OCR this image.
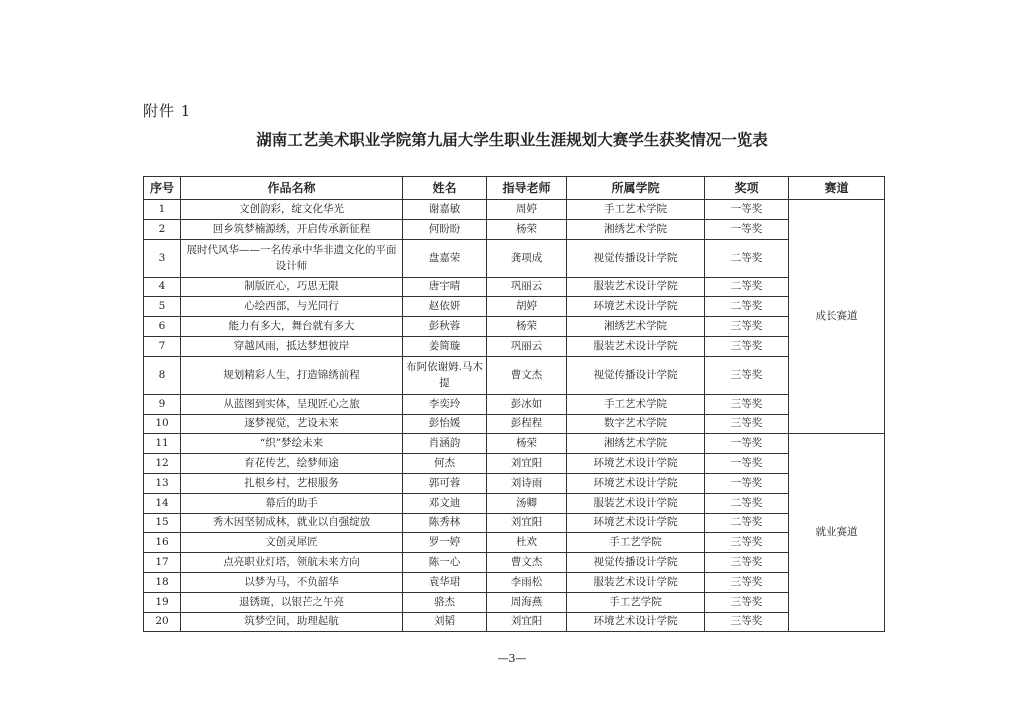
附件 1
湖南工艺美术职业学院第九届大学生职业生涯规划大赛学生获奖情况一览表
序号	作品名称	姓名	指导老师	所属学院	奖项	赛道
1	文创韵彩，绽文化华光	谢嘉敏	周婷	手工艺术学院	一等奖	成长赛道
2	回乡筑梦楠源绣，开启传承新征程	何盼盼	杨荣	湘绣艺术学院	一等奖	
3	展时代风华——一名传承中华非遗文化的平面设计师	盘嘉荣	龚项成	视觉传播设计学院	二等奖	
4	制版匠心，巧思无限	唐宇晴	巩丽云	服装艺术设计学院	二等奖	
5	心绘西部，与光同行	赵依妍	胡婷	环境艺术设计学院	二等奖	
6	能力有多大，舞台就有多大	彭秋蓉	杨荣	湘绣艺术学院	三等奖	
7	穿越风雨，抵达梦想彼岸	姜简璇	巩丽云	服装艺术设计学院	三等奖	
8	规划精彩人生，打造锦绣前程	布阿依谢姆.马木提	曹文杰	视觉传播设计学院	三等奖	
9	从蓝图到实体，呈现匠心之旅	李奕玲	彭冰如	手工艺术学院	三等奖	
10	逐梦视觉，艺设未来	彭怡媛	彭程程	数字艺术学院	三等奖	
11	“织”梦绘未来	肖涵韵	杨荣	湘绣艺术学院	一等奖	就业赛道
12	育花传艺，绘梦师途	何杰	刘宜阳	环境艺术设计学院	一等奖	
13	扎根乡村，艺根服务	郭可蓉	刘诗雨	环境艺术设计学院	一等奖	
14	幕后的助手	邓文迪	汤卿	服装艺术设计学院	二等奖	
15	秀木因坚韧成林，就业以自强绽放	陈秀林	刘宜阳	环境艺术设计学院	二等奖	
16	文创灵犀匠	罗一婷	杜欢	手工艺学院	三等奖	
17	点亮职业灯塔，领航未来方向	陈一心	曹文杰	视觉传播设计学院	三等奖	
18	以梦为马，不负韶华	袁华珺	李雨松	服装艺术设计学院	三等奖	
19	退锈斑，以银芒之午亮	骆杰	周海燕	手工艺学院	三等奖	
20	筑梦空间，助理起航	刘韬	刘宜阳	环境艺术设计学院	三等奖	
—3—
